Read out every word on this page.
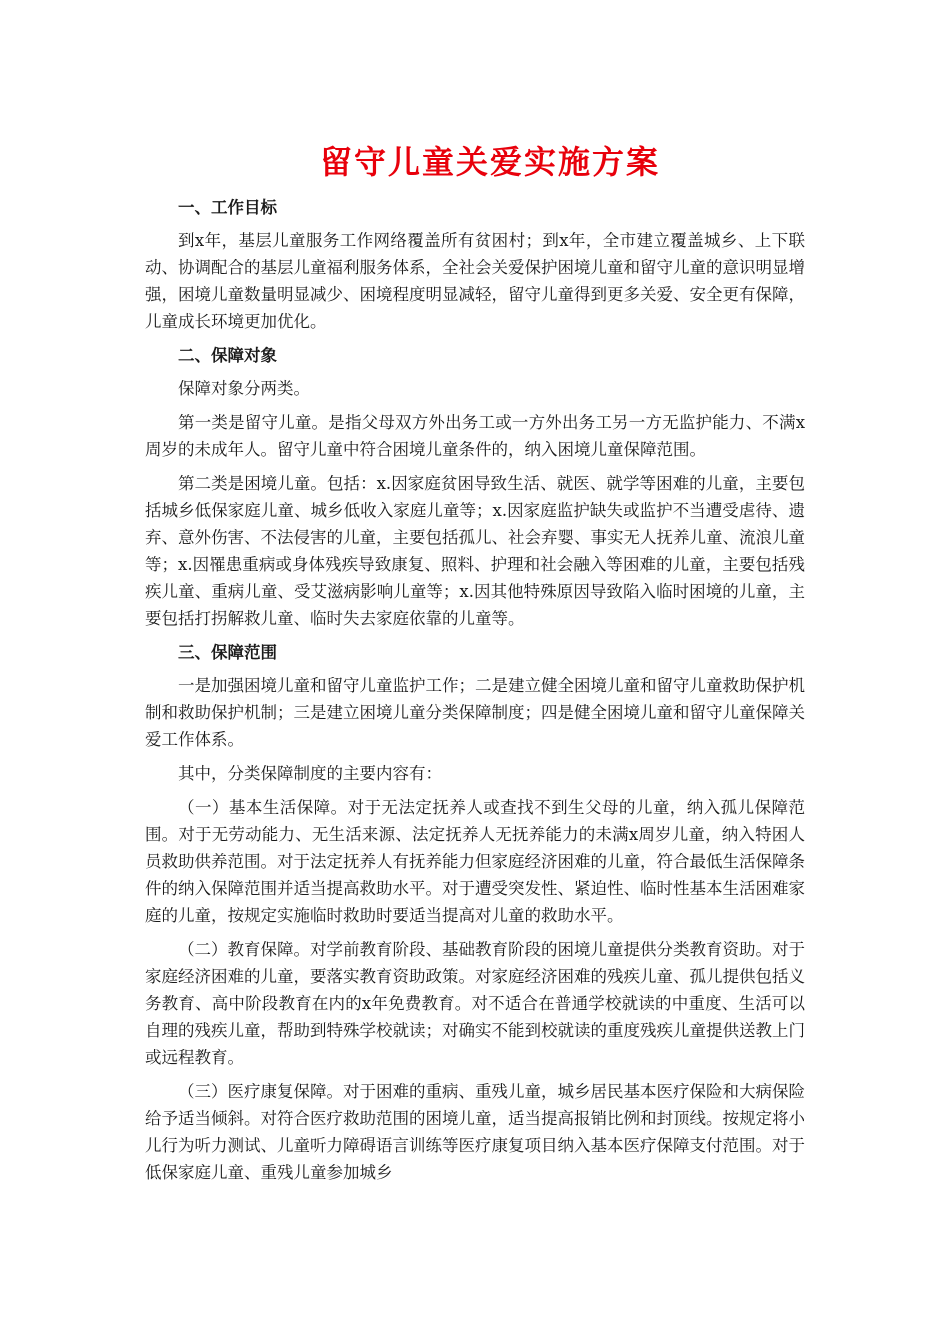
留守儿童关爱实施方案
一、工作目标

到x年，基层儿童服务工作网络覆盖所有贫困村；到x年，全市建立覆盖城乡、上下联动、协调配合的基层儿童福利服务体系，全社会关爱保护困境儿童和留守儿童的意识明显增强，困境儿童数量明显减少、困境程度明显减轻，留守儿童得到更多关爱、安全更有保障，儿童成长环境更加优化。

二、保障对象

保障对象分两类。

第一类是留守儿童。是指父母双方外出务工或一方外出务工另一方无监护能力、不满x周岁的未成年人。留守儿童中符合困境儿童条件的，纳入困境儿童保障范围。

第二类是困境儿童。包括：x.因家庭贫困导致生活、就医、就学等困难的儿童，主要包括城乡低保家庭儿童、城乡低收入家庭儿童等；x.因家庭监护缺失或监护不当遭受虐待、遗弃、意外伤害、不法侵害的儿童，主要包括孤儿、社会弃婴、事实无人抚养儿童、流浪儿童等；x.因罹患重病或身体残疾导致康复、照料、护理和社会融入等困难的儿童，主要包括残疾儿童、重病儿童、受艾滋病影响儿童等；x.因其他特殊原因导致陷入临时困境的儿童，主要包括打拐解救儿童、临时失去家庭依靠的儿童等。

三、保障范围

一是加强困境儿童和留守儿童监护工作；二是建立健全困境儿童和留守儿童救助保护机制和救助保护机制；三是建立困境儿童分类保障制度；四是健全困境儿童和留守儿童保障关爱工作体系。

其中，分类保障制度的主要内容有：

（一）基本生活保障。对于无法定抚养人或查找不到生父母的儿童，纳入孤儿保障范围。对于无劳动能力、无生活来源、法定抚养人无抚养能力的未满x周岁儿童，纳入特困人员救助供养范围。对于法定抚养人有抚养能力但家庭经济困难的儿童，符合最低生活保障条件的纳入保障范围并适当提高救助水平。对于遭受突发性、紧迫性、临时性基本生活困难家庭的儿童，按规定实施临时救助时要适当提高对儿童的救助水平。

（二）教育保障。对学前教育阶段、基础教育阶段的困境儿童提供分类教育资助。对于家庭经济困难的儿童，要落实教育资助政策。对家庭经济困难的残疾儿童、孤儿提供包括义务教育、高中阶段教育在内的x年免费教育。对不适合在普通学校就读的中重度、生活可以自理的残疾儿童，帮助到特殊学校就读；对确实不能到校就读的重度残疾儿童提供送教上门或远程教育。

（三）医疗康复保障。对于困难的重病、重残儿童，城乡居民基本医疗保险和大病保险给予适当倾斜。对符合医疗救助范围的困境儿童，适当提高报销比例和封顶线。按规定将小儿行为听力测试、儿童听力障碍语言训练等医疗康复项目纳入基本医疗保障支付范围。对于低保家庭儿童、重残儿童参加城乡
